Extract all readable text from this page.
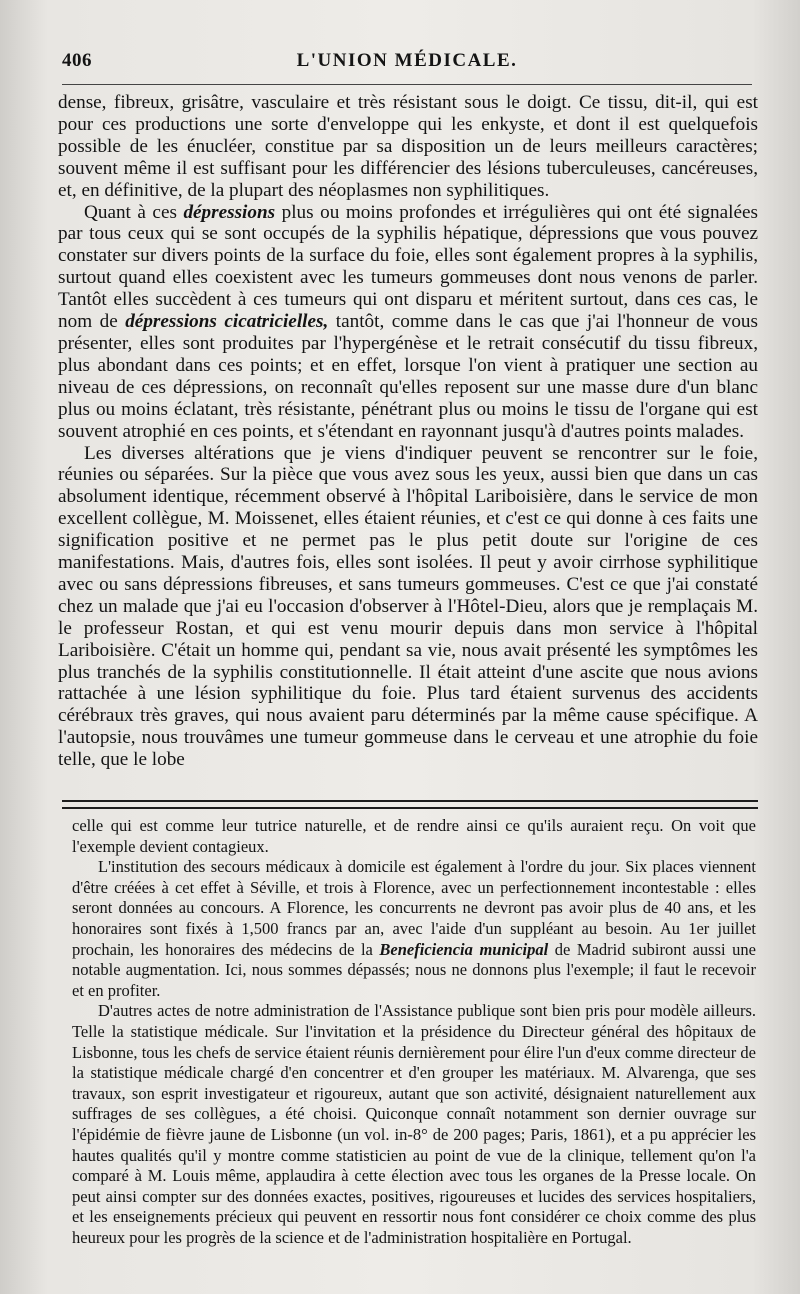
406	L'UNION MÉDICALE.

dense, fibreux, grisâtre, vasculaire et très résistant sous le doigt. Ce tissu, dit-il, qui est pour ces productions une sorte d'enveloppe qui les enkyste, et dont il est quelquefois possible de les énucléer, constitue par sa disposition un de leurs meilleurs caractères; souvent même il est suffisant pour les différencier des lésions tuberculeuses, cancéreuses, et, en définitive, de la plupart des néoplasmes non syphilitiques.

Quant à ces dépressions plus ou moins profondes et irrégulières qui ont été signalées par tous ceux qui se sont occupés de la syphilis hépatique, dépressions que vous pouvez constater sur divers points de la surface du foie, elles sont également propres à la syphilis, surtout quand elles coexistent avec les tumeurs gommeuses dont nous venons de parler. Tantôt elles succèdent à ces tumeurs qui ont disparu et méritent surtout, dans ces cas, le nom de dépressions cicatricielles, tantôt, comme dans le cas que j'ai l'honneur de vous présenter, elles sont produites par l'hypergénèse et le retrait consécutif du tissu fibreux, plus abondant dans ces points; et en effet, lorsque l'on vient à pratiquer une section au niveau de ces dépressions, on reconnaît qu'elles reposent sur une masse dure d'un blanc plus ou moins éclatant, très résistante, pénétrant plus ou moins le tissu de l'organe qui est souvent atrophié en ces points, et s'étendant en rayonnant jusqu'à d'autres points malades.

Les diverses altérations que je viens d'indiquer peuvent se rencontrer sur le foie, réunies ou séparées. Sur la pièce que vous avez sous les yeux, aussi bien que dans un cas absolument identique, récemment observé à l'hôpital Lariboisière, dans le service de mon excellent collègue, M. Moissenet, elles étaient réunies, et c'est ce qui donne à ces faits une signification positive et ne permet pas le plus petit doute sur l'origine de ces manifestations. Mais, d'autres fois, elles sont isolées. Il peut y avoir cirrhose syphilitique avec ou sans dépressions fibreuses, et sans tumeurs gommeuses. C'est ce que j'ai constaté chez un malade que j'ai eu l'occasion d'observer à l'Hôtel-Dieu, alors que je remplaçais M. le professeur Rostan, et qui est venu mourir depuis dans mon service à l'hôpital Lariboisière. C'était un homme qui, pendant sa vie, nous avait présenté les symptômes les plus tranchés de la syphilis constitutionnelle. Il était atteint d'une ascite que nous avions rattachée à une lésion syphilitique du foie. Plus tard étaient survenus des accidents cérébraux très graves, qui nous avaient paru déterminés par la même cause spécifique. A l'autopsie, nous trouvâmes une tumeur gommeuse dans le cerveau et une atrophie du foie telle, que le lobe

celle qui est comme leur tutrice naturelle, et de rendre ainsi ce qu'ils auraient reçu. On voit que l'exemple devient contagieux.

L'institution des secours médicaux à domicile est également à l'ordre du jour. Six places viennent d'être créées à cet effet à Séville, et trois à Florence, avec un perfectionnement incontestable : elles seront données au concours. A Florence, les concurrents ne devront pas avoir plus de 40 ans, et les honoraires sont fixés à 1,500 francs par an, avec l'aide d'un suppléant au besoin. Au 1er juillet prochain, les honoraires des médecins de la Beneficiencia municipal de Madrid subiront aussi une notable augmentation. Ici, nous sommes dépassés; nous ne donnons plus l'exemple; il faut le recevoir et en profiter.

D'autres actes de notre administration de l'Assistance publique sont bien pris pour modèle ailleurs. Telle la statistique médicale. Sur l'invitation et la présidence du Directeur général des hôpitaux de Lisbonne, tous les chefs de service étaient réunis dernièrement pour élire l'un d'eux comme directeur de la statistique médicale chargé d'en concentrer et d'en grouper les matériaux. M. Alvarenga, que ses travaux, son esprit investigateur et rigoureux, autant que son activité, désignaient naturellement aux suffrages de ses collègues, a été choisi. Quiconque connaît notamment son dernier ouvrage sur l'épidémie de fièvre jaune de Lisbonne (un vol. in-8° de 200 pages; Paris, 1861), et a pu apprécier les hautes qualités qu'il y montre comme statisticien au point de vue de la clinique, tellement qu'on l'a comparé à M. Louis même, applaudira à cette élection avec tous les organes de la Presse locale. On peut ainsi compter sur des données exactes, positives, rigoureuses et lucides des services hospitaliers, et les enseignements précieux qui peuvent en ressortir nous font considérer ce choix comme des plus heureux pour les progrès de la science et de l'administration hospitalière en Portugal.
